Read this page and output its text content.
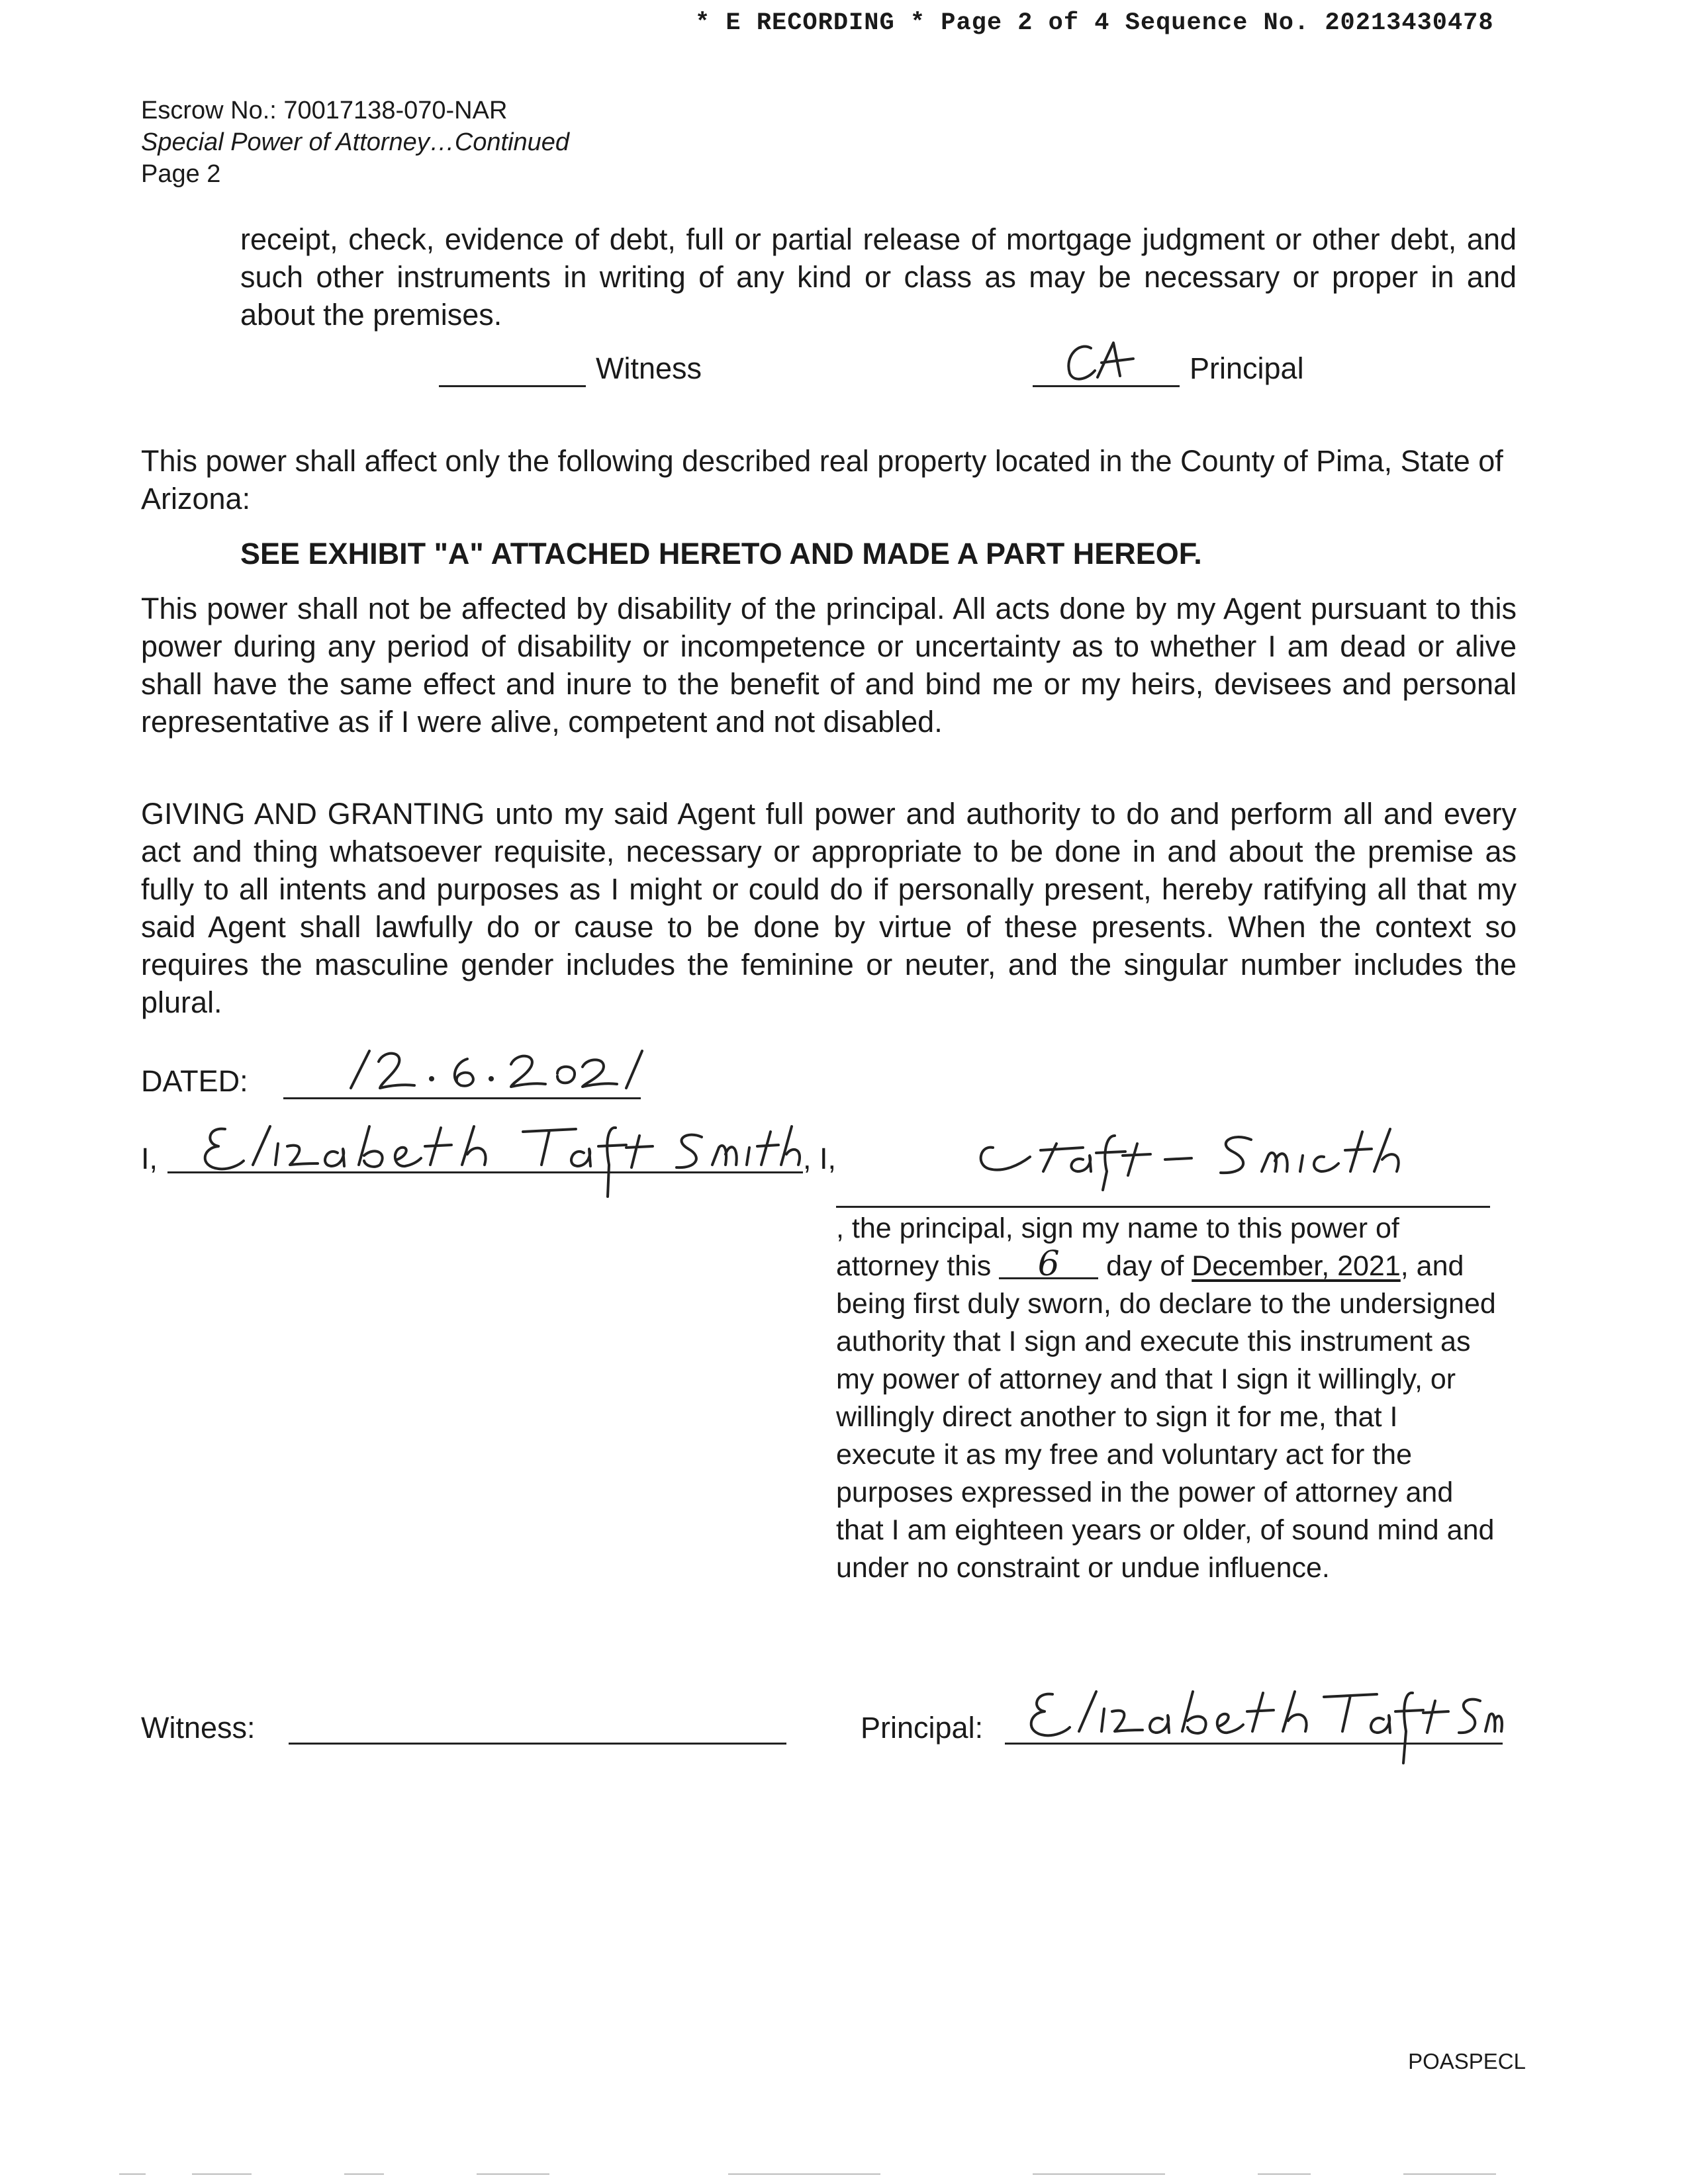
* E RECORDING * Page 2 of 4 Sequence No. 20213430478
Escrow No.: 70017138-070-NAR
Special Power of Attorney…Continued
Page 2
receipt, check, evidence of debt, full or partial release of mortgage judgment or other debt, and such other instruments in writing of any kind or class as may be necessary or proper in and about the premises.
Witness	Principal
This power shall affect only the following described real property located in the County of Pima, State of Arizona:
SEE EXHIBIT "A" ATTACHED HERETO AND MADE A PART HEREOF.
This power shall not be affected by disability of the principal. All acts done by my Agent pursuant to this power during any period of disability or incompetence or uncertainty as to whether I am dead or alive shall have the same effect and inure to the benefit of and bind me or my heirs, devisees and personal representative as if I were alive, competent and not disabled.
GIVING AND GRANTING unto my said Agent full power and authority to do and perform all and every act and thing whatsoever requisite, necessary or appropriate to be done in and about the premise as fully to all intents and purposes as I might or could do if personally present, hereby ratifying all that my said Agent shall lawfully do or cause to be done by virtue of these presents. When the context so requires the masculine gender includes the feminine or neuter, and the singular number includes the plural.
DATED:
I,	, I,
, the principal, sign my name to this power of attorney this 6 day of December, 2021, and being first duly sworn, do declare to the undersigned authority that I sign and execute this instrument as my power of attorney and that I sign it willingly, or willingly direct another to sign it for me, that I execute it as my free and voluntary act for the purposes expressed in the power of attorney and that I am eighteen years or older, of sound mind and under no constraint or undue influence.
Witness:	Principal:
POASPECL
